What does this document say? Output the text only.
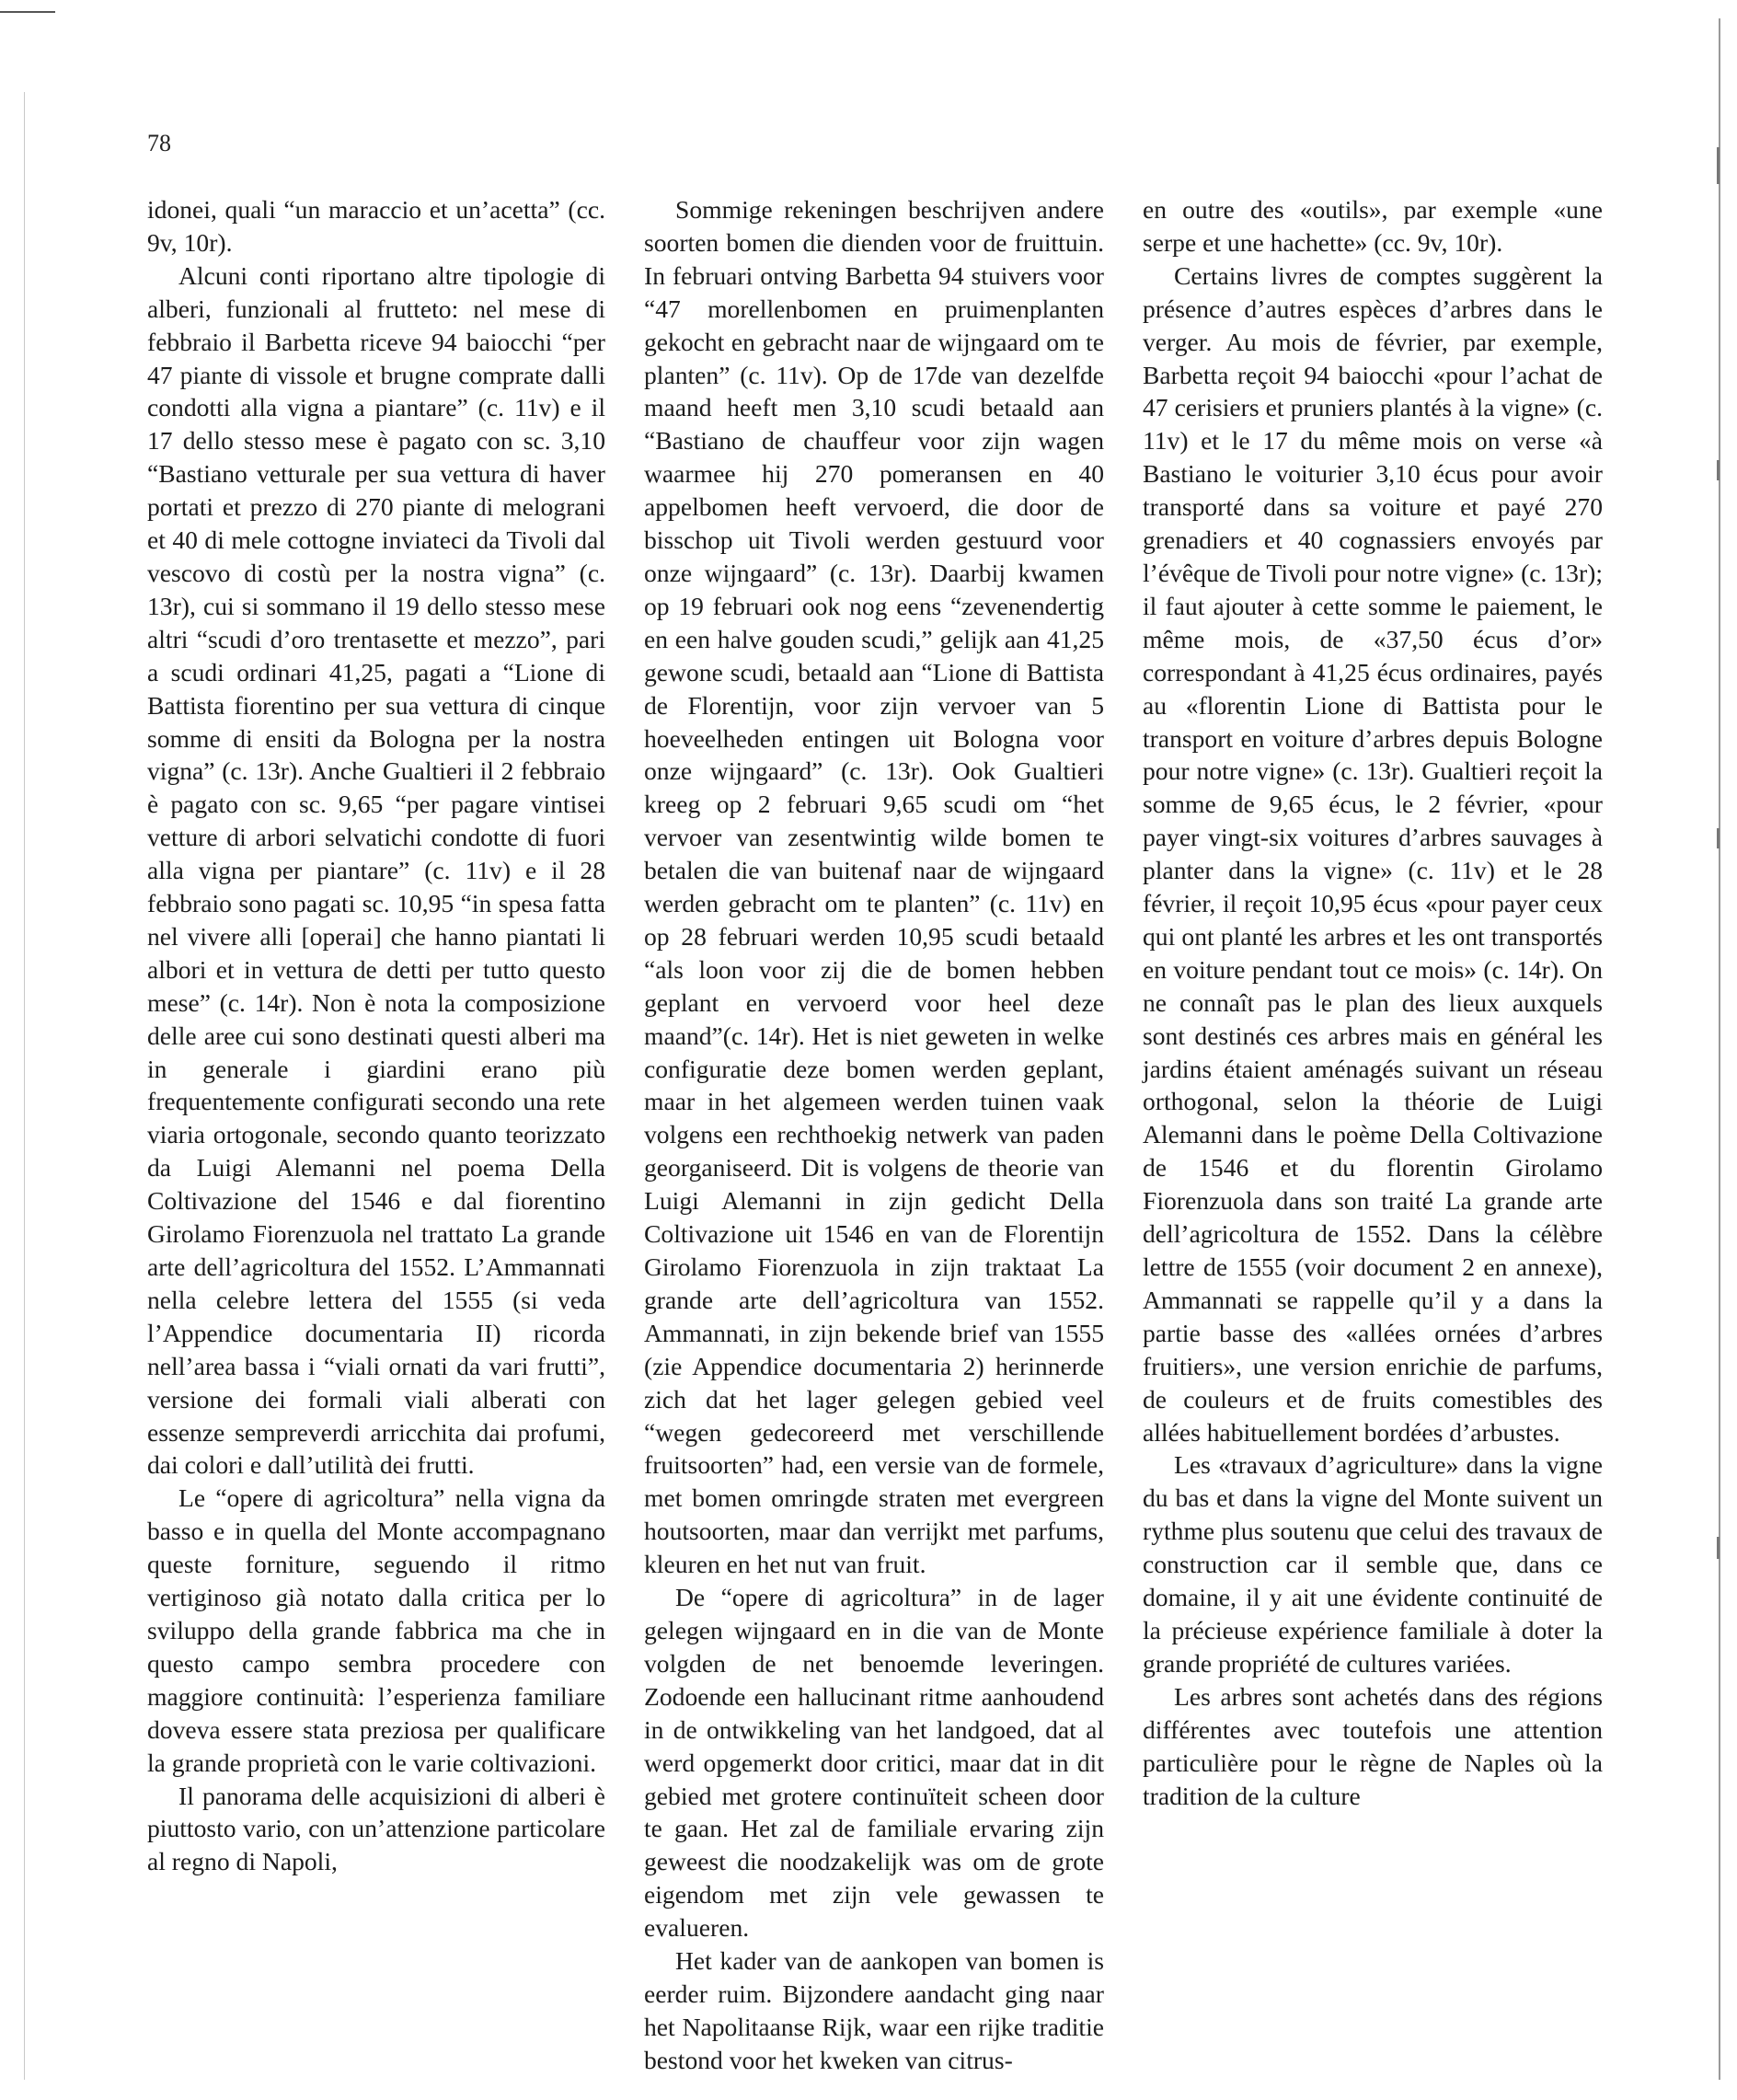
78

idonei, quali “un maraccio et un’acetta” (cc. 9v, 10r).

Alcuni conti riportano altre tipologie di alberi, funzionali al frutteto: nel mese di febbraio il Barbetta riceve 94 baiocchi “per 47 piante di vissole et brugne comprate dalli condotti alla vigna a piantare” (c. 11v) e il 17 dello stesso mese è pagato con sc. 3,10 “Bastiano vetturale per sua vettura di haver portati et prezzo di 270 piante di melograni et 40 di mele cottogne inviateci da Tivoli dal vescovo di costù per la nostra vigna” (c. 13r), cui si sommano il 19 dello stesso mese altri “scudi d’oro trentasette et mezzo”, pari a scudi ordinari 41,25, pagati a “Lione di Battista fiorentino per sua vettura di cinque somme di ensiti da Bologna per la nostra vigna” (c. 13r). Anche Gualtieri il 2 febbraio è pagato con sc. 9,65 “per pagare vintisei vetture di arbori selvatichi condotte di fuori alla vigna per piantare” (c. 11v) e il 28 febbraio sono pagati sc. 10,95 “in spesa fatta nel vivere alli [operai] che hanno piantati li albori et in vettura de detti per tutto questo mese” (c. 14r). Non è nota la composizione delle aree cui sono destinati questi alberi ma in generale i giardini erano più frequentemente configurati secondo una rete viaria ortogonale, secondo quanto teorizzato da Luigi Alemanni nel poema Della Coltivazione del 1546 e dal fiorentino Girolamo Fiorenzuola nel trattato La grande arte dell’agricoltura del 1552. L’Ammannati nella celebre lettera del 1555 (si veda l’Appendice documentaria II) ricorda nell’area bassa i “viali ornati da vari frutti”, versione dei formali viali alberati con essenze sempreverdi arricchita dai profumi, dai colori e dall’utilità dei frutti.

Le “opere di agricoltura” nella vigna da basso e in quella del Monte accompagnano queste forniture, seguendo il ritmo vertiginoso già notato dalla critica per lo sviluppo della grande fabbrica ma che in questo campo sembra procedere con maggiore continuità: l’esperienza familiare doveva essere stata preziosa per qualificare la grande proprietà con le varie coltivazioni.

Il panorama delle acquisizioni di alberi è piuttosto vario, con un’attenzione particolare al regno di Napoli,

Sommige rekeningen beschrijven andere soorten bomen die dienden voor de fruittuin. In februari ontving Barbetta 94 stuivers voor “47 morellenbomen en pruimenplanten gekocht en gebracht naar de wijngaard om te planten” (c. 11v). Op de 17de van dezelfde maand heeft men 3,10 scudi betaald aan “Bastiano de chauffeur voor zijn wagen waarmee hij 270 pomeransen en 40 appelbomen heeft vervoerd, die door de bisschop uit Tivoli werden gestuurd voor onze wijngaard” (c. 13r). Daarbij kwamen op 19 februari ook nog eens “zevenendertig en een halve gouden scudi,” gelijk aan 41,25 gewone scudi, betaald aan “Lione di Battista de Florentijn, voor zijn vervoer van 5 hoeveelheden entingen uit Bologna voor onze wijngaard” (c. 13r). Ook Gualtieri kreeg op 2 februari 9,65 scudi om “het vervoer van zesentwintig wilde bomen te betalen die van buitenaf naar de wijngaard werden gebracht om te planten” (c. 11v) en op 28 februari werden 10,95 scudi betaald “als loon voor zij die de bomen hebben geplant en vervoerd voor heel deze maand”(c. 14r). Het is niet geweten in welke configuratie deze bomen werden geplant, maar in het algemeen werden tuinen vaak volgens een rechthoekig netwerk van paden georganiseerd. Dit is volgens de theorie van Luigi Alemanni in zijn gedicht Della Coltivazione uit 1546 en van de Florentijn Girolamo Fiorenzuola in zijn traktaat La grande arte dell’agricoltura van 1552. Ammannati, in zijn bekende brief van 1555 (zie Appendice documentaria 2) herinnerde zich dat het lager gelegen gebied veel “wegen gedecoreerd met verschillende fruitsoorten” had, een versie van de formele, met bomen omringde straten met evergreen houtsoorten, maar dan verrijkt met parfums, kleuren en het nut van fruit.

De “opere di agricoltura” in de lager gelegen wijngaard en in die van de Monte volgden de net benoemde leveringen. Zodoende een hallucinant ritme aanhoudend in de ontwikkeling van het landgoed, dat al werd opgemerkt door critici, maar dat in dit gebied met grotere continuïteit scheen door te gaan. Het zal de familiale ervaring zijn geweest die noodzakelijk was om de grote eigendom met zijn vele gewassen te evalueren.

Het kader van de aankopen van bomen is eerder ruim. Bijzondere aandacht ging naar het Napolitaanse Rijk, waar een rijke traditie bestond voor het kweken van citrus-

en outre des «outils», par exemple «une serpe et une hachette» (cc. 9v, 10r).

Certains livres de comptes suggèrent la présence d’autres espèces d’arbres dans le verger. Au mois de février, par exemple, Barbetta reçoit 94 baiocchi «pour l’achat de 47 cerisiers et pruniers plantés à la vigne» (c. 11v) et le 17 du même mois on verse «à Bastiano le voiturier 3,10 écus pour avoir transporté dans sa voiture et payé 270 grenadiers et 40 cognassiers envoyés par l’évêque de Tivoli pour notre vigne» (c. 13r); il faut ajouter à cette somme le paiement, le même mois, de «37,50 écus d’or» correspondant à 41,25 écus ordinaires, payés au «florentin Lione di Battista pour le transport en voiture d’arbres depuis Bologne pour notre vigne» (c. 13r). Gualtieri reçoit la somme de 9,65 écus, le 2 février, «pour payer vingt-six voitures d’arbres sauvages à planter dans la vigne» (c. 11v) et le 28 février, il reçoit 10,95 écus «pour payer ceux qui ont planté les arbres et les ont transportés en voiture pendant tout ce mois» (c. 14r). On ne connaît pas le plan des lieux auxquels sont destinés ces arbres mais en général les jardins étaient aménagés suivant un réseau orthogonal, selon la théorie de Luigi Alemanni dans le poème Della Coltivazione de 1546 et du florentin Girolamo Fiorenzuola dans son traité La grande arte dell’agricoltura de 1552. Dans la célèbre lettre de 1555 (voir document 2 en annexe), Ammannati se rappelle qu’il y a dans la partie basse des «allées ornées d’arbres fruitiers», une version enrichie de parfums, de couleurs et de fruits comestibles des allées habituellement bordées d’arbustes.

Les «travaux d’agriculture» dans la vigne du bas et dans la vigne del Monte suivent un rythme plus soutenu que celui des travaux de construction car il semble que, dans ce domaine, il y ait une évidente continuité de la précieuse expérience familiale à doter la grande propriété de cultures variées.

Les arbres sont achetés dans des régions différentes avec toutefois une attention particulière pour le règne de Naples où la tradition de la culture
